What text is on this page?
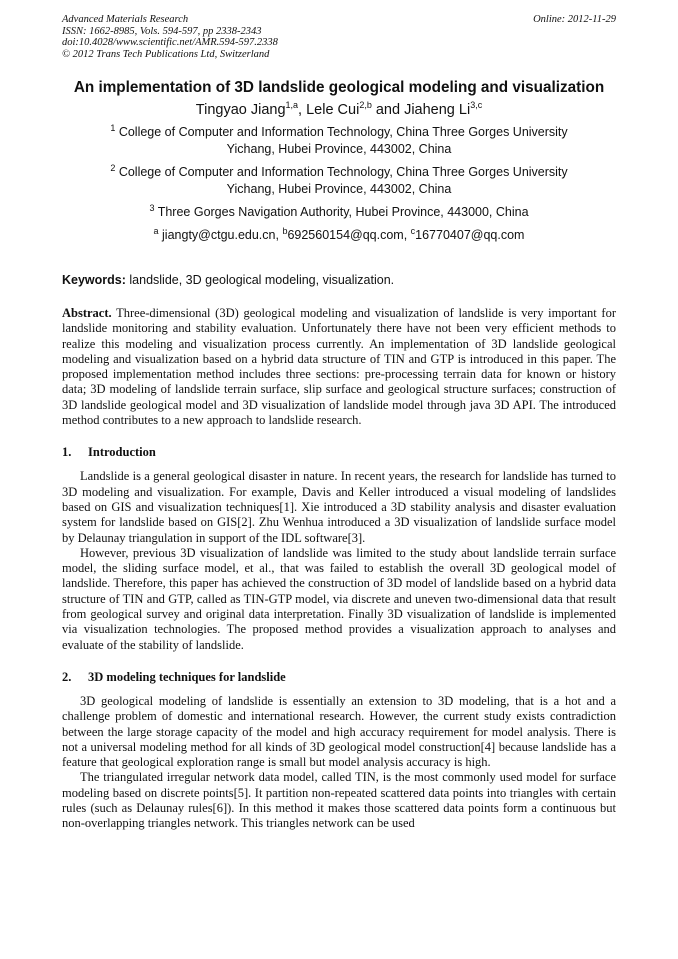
Advanced Materials Research
ISSN: 1662-8985, Vols. 594-597, pp 2338-2343
doi:10.4028/www.scientific.net/AMR.594-597.2338
© 2012 Trans Tech Publications Ltd, Switzerland
Online: 2012-11-29
An implementation of 3D landslide geological modeling and visualization
Tingyao Jiang$^{1,a}$, Lele Cui$^{2,b}$ and Jiaheng Li$^{3,c}$
$^1$ College of Computer and Information Technology, China Three Gorges University
Yichang, Hubei Province, 443002, China
$^2$ College of Computer and Information Technology, China Three Gorges University
Yichang, Hubei Province, 443002, China
$^3$ Three Gorges Navigation Authority, Hubei Province, 443000, China
$^a$ jiangty@ctgu.edu.cn, $^b$692560154@qq.com, $^c$16770407@qq.com
Keywords: landslide, 3D geological modeling, visualization.

Abstract. Three-dimensional (3D) geological modeling and visualization of landslide is very important for landslide monitoring and stability evaluation. Unfortunately there have not been very efficient methods to realize this modeling and visualization process currently. An implementation of 3D landslide geological modeling and visualization based on a hybrid data structure of TIN and GTP is introduced in this paper. The proposed implementation method includes three sections: pre-processing terrain data for known or history data; 3D modeling of landslide terrain surface, slip surface and geological structure surfaces; construction of 3D landslide geological model and 3D visualization of landslide model through java 3D API. The introduced method contributes to a new approach to landslide research.

1. Introduction

Landslide is a general geological disaster in nature. In recent years, the research for landslide has turned to 3D modeling and visualization. For example, Davis and Keller introduced a visual modeling of landslides based on GIS and visualization techniques[1]. Xie introduced a 3D stability analysis and disaster evaluation system for landslide based on GIS[2]. Zhu Wenhua introduced a 3D visualization of landslide surface model by Delaunay triangulation in support of the IDL software[3].

However, previous 3D visualization of landslide was limited to the study about landslide terrain surface model, the sliding surface model, et al., that was failed to establish the overall 3D geological model of landslide. Therefore, this paper has achieved the construction of 3D model of landslide based on a hybrid data structure of TIN and GTP, called as TIN-GTP model, via discrete and uneven two-dimensional data that result from geological survey and original data interpretation. Finally 3D visualization of landslide is implemented via visualization technologies. The proposed method provides a visualization approach to analyses and evaluate of the stability of landslide.

2. 3D modeling techniques for landslide

3D geological modeling of landslide is essentially an extension to 3D modeling, that is a hot and a challenge problem of domestic and international research. However, the current study exists contradiction between the large storage capacity of the model and high accuracy requirement for model analysis. There is not a universal modeling method for all kinds of 3D geological model construction[4] because landslide has a feature that geological exploration range is small but model analysis accuracy is high.

The triangulated irregular network data model, called TIN, is the most commonly used model for surface modeling based on discrete points[5]. It partition non-repeated scattered data points into triangles with certain rules (such as Delaunay rules[6]). In this method it makes those scattered data points form a continuous but non-overlapping triangles network. This triangles network can be used
